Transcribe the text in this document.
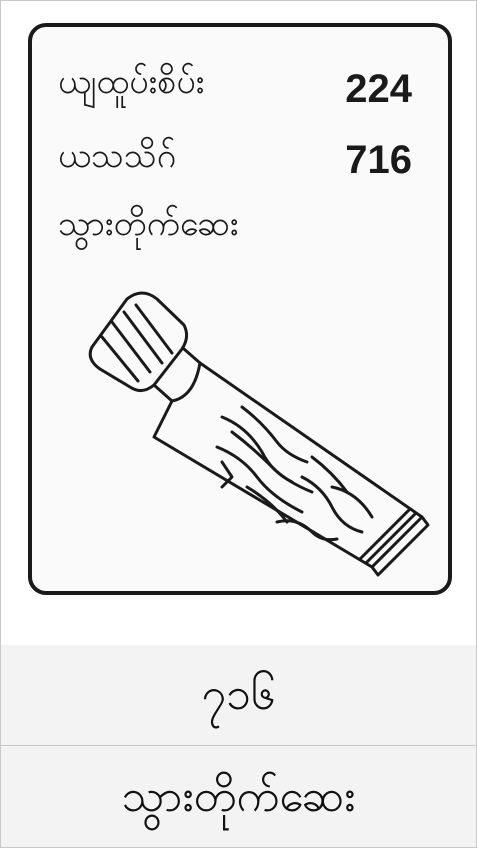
ယျထူပ်းစိပ်း	224
ယသသိဂ်	716
သွားတိုက်ဆေး
၇၁၆
သွားတိုက်ဆေး
